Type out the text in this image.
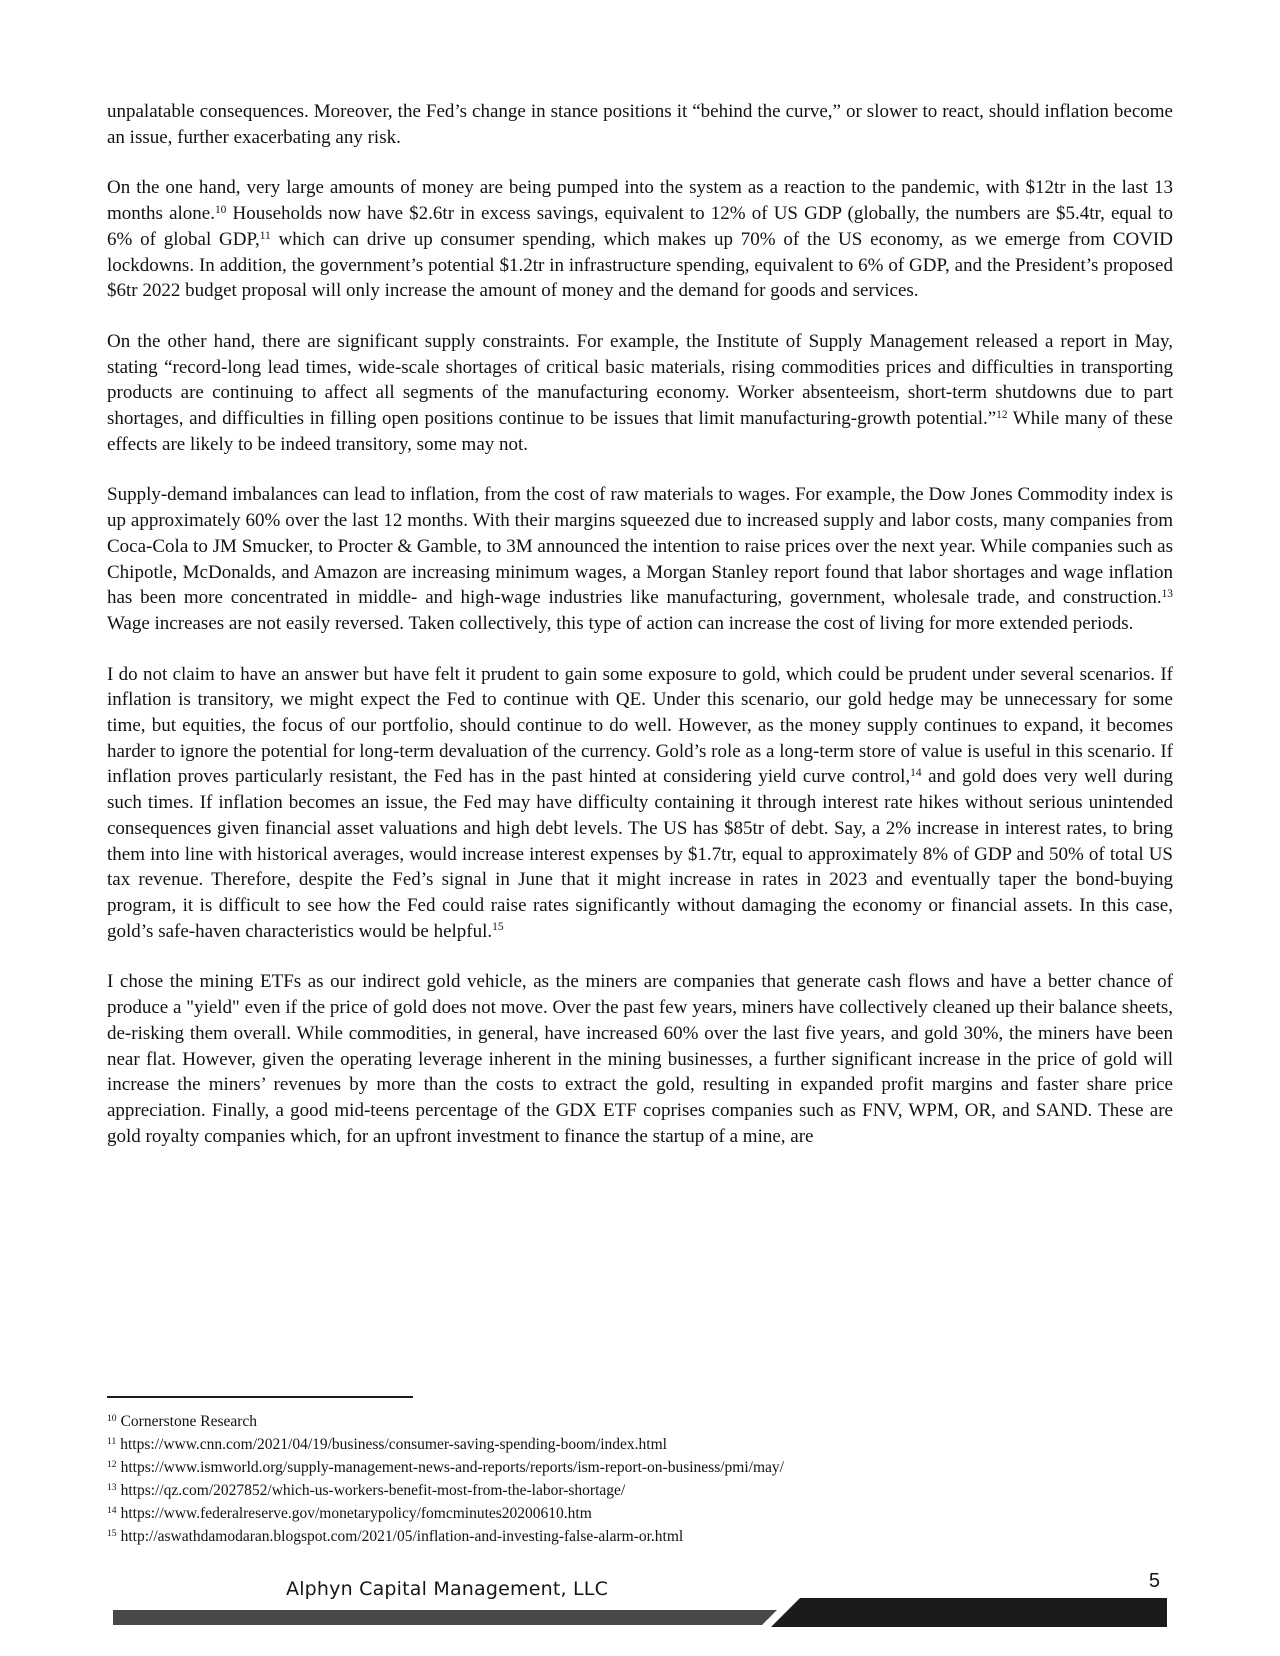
unpalatable consequences. Moreover, the Fed’s change in stance positions it “behind the curve,” or slower to react, should inflation become an issue, further exacerbating any risk.

On the one hand, very large amounts of money are being pumped into the system as a reaction to the pandemic, with $12tr in the last 13 months alone.$^{10}$ Households now have $2.6tr in excess savings, equivalent to 12% of US GDP (globally, the numbers are $5.4tr, equal to 6% of global GDP,$^{11}$ which can drive up consumer spending, which makes up 70% of the US economy, as we emerge from COVID lockdowns. In addition, the government’s potential $1.2tr in infrastructure spending, equivalent to 6% of GDP, and the President’s proposed $6tr 2022 budget proposal will only increase the amount of money and the demand for goods and services.

On the other hand, there are significant supply constraints. For example, the Institute of Supply Management released a report in May, stating “record-long lead times, wide-scale shortages of critical basic materials, rising commodities prices and difficulties in transporting products are continuing to affect all segments of the manufacturing economy. Worker absenteeism, short-term shutdowns due to part shortages, and difficulties in filling open positions continue to be issues that limit manufacturing-growth potential.”$^{12}$ While many of these effects are likely to be indeed transitory, some may not.

Supply-demand imbalances can lead to inflation, from the cost of raw materials to wages. For example, the Dow Jones Commodity index is up approximately 60% over the last 12 months. With their margins squeezed due to increased supply and labor costs, many companies from Coca-Cola to JM Smucker, to Procter & Gamble, to 3M announced the intention to raise prices over the next year. While companies such as Chipotle, McDonalds, and Amazon are increasing minimum wages, a Morgan Stanley report found that labor shortages and wage inflation has been more concentrated in middle- and high-wage industries like manufacturing, government, wholesale trade, and construction.$^{13}$ Wage increases are not easily reversed. Taken collectively, this type of action can increase the cost of living for more extended periods.

I do not claim to have an answer but have felt it prudent to gain some exposure to gold, which could be prudent under several scenarios. If inflation is transitory, we might expect the Fed to continue with QE. Under this scenario, our gold hedge may be unnecessary for some time, but equities, the focus of our portfolio, should continue to do well. However, as the money supply continues to expand, it becomes harder to ignore the potential for long-term devaluation of the currency. Gold’s role as a long-term store of value is useful in this scenario. If inflation proves particularly resistant, the Fed has in the past hinted at considering yield curve control,$^{14}$ and gold does very well during such times. If inflation becomes an issue, the Fed may have difficulty containing it through interest rate hikes without serious unintended consequences given financial asset valuations and high debt levels. The US has $85tr of debt. Say, a 2% increase in interest rates, to bring them into line with historical averages, would increase interest expenses by $1.7tr, equal to approximately 8% of GDP and 50% of total US tax revenue. Therefore, despite the Fed’s signal in June that it might increase in rates in 2023 and eventually taper the bond-buying program, it is difficult to see how the Fed could raise rates significantly without damaging the economy or financial assets. In this case, gold’s safe-haven characteristics would be helpful.$^{15}$

I chose the mining ETFs as our indirect gold vehicle, as the miners are companies that generate cash flows and have a better chance of produce a "yield" even if the price of gold does not move. Over the past few years, miners have collectively cleaned up their balance sheets, de-risking them overall. While commodities, in general, have increased 60% over the last five years, and gold 30%, the miners have been near flat. However, given the operating leverage inherent in the mining businesses, a further significant increase in the price of gold will increase the miners’ revenues by more than the costs to extract the gold, resulting in expanded profit margins and faster share price appreciation. Finally, a good mid-teens percentage of the GDX ETF coprises companies such as FNV, WPM, OR, and SAND. These are gold royalty companies which, for an upfront investment to finance the startup of a mine, are

$^{10}$ Cornerstone Research
$^{11}$ https://www.cnn.com/2021/04/19/business/consumer-saving-spending-boom/index.html
$^{12}$ https://www.ismworld.org/supply-management-news-and-reports/reports/ism-report-on-business/pmi/may/
$^{13}$ https://qz.com/2027852/which-us-workers-benefit-most-from-the-labor-shortage/
$^{14}$ https://www.federalreserve.gov/monetarypolicy/fomcminutes20200610.htm
$^{15}$ http://aswathdamodaran.blogspot.com/2021/05/inflation-and-investing-false-alarm-or.html
Alphyn Capital Management, LLC	5
